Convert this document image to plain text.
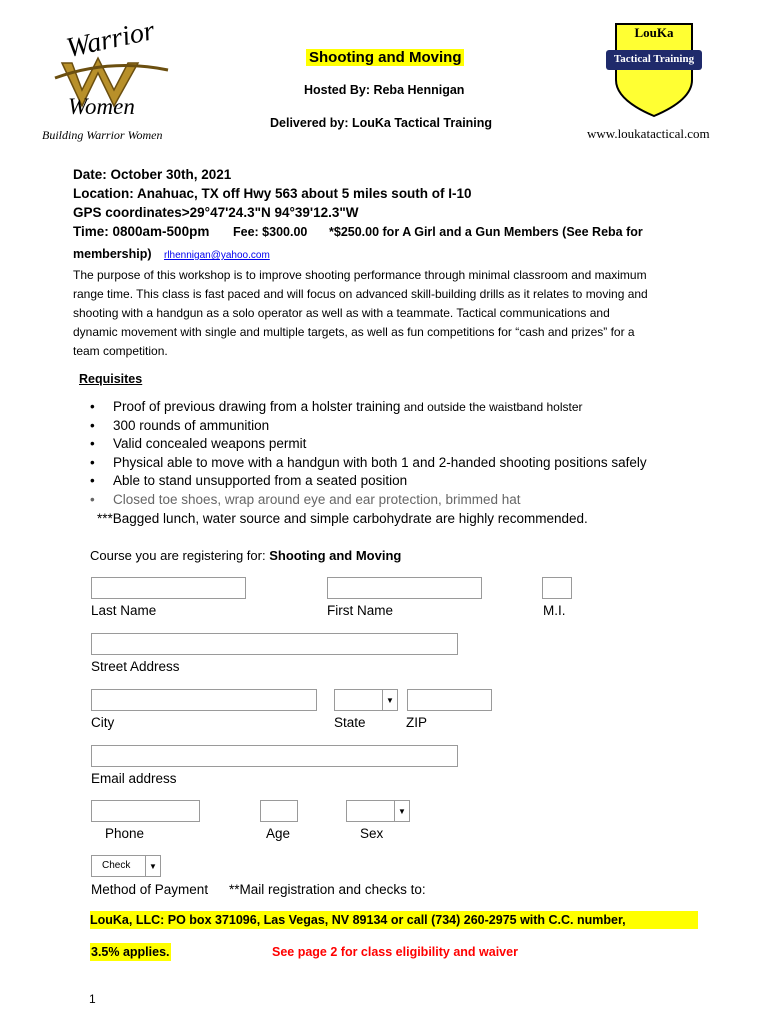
Warrior
Women
Building Warrior Women
LouKa
Tactical Training
www.loukatactical.com
Shooting and Moving
Hosted By: Reba Hennigan
Delivered by: LouKa Tactical Training
Date: October 30th, 2021
Location: Anahuac, TX off Hwy 563 about 5 miles south of I-10
GPS coordinates>29°47'24.3"N 94°39'12.3"W
Time: 0800am-500pm Fee: $300.00 *$250.00 for A Girl and a Gun Members (See Reba for
membership) rlhennigan@yahoo.com
The purpose of this workshop is to improve shooting performance through minimal classroom and maximum
range time. This class is fast paced and will focus on advanced skill-building drills as it relates to moving and
shooting with a handgun as a solo operator as well as with a teammate. Tactical communications and
dynamic movement with single and multiple targets, as well as fun competitions for “cash and prizes” for a
team competition.
Requisites
• Proof of previous drawing from a holster training and outside the waistband holster
• 300 rounds of ammunition
• Valid concealed weapons permit
• Physical able to move with a handgun with both 1 and 2-handed shooting positions safely
• Able to stand unsupported from a seated position
• Closed toe shoes, wrap around eye and ear protection, brimmed hat
***Bagged lunch, water source and simple carbohydrate are highly recommended.
Course you are registering for: Shooting and Moving
Last Name	First Name	M.I.
Street Address
▼
City	State	ZIP
Email address
▼
Phone	Age	Sex
Check	▼
Method of Payment **Mail registration and checks to:
LouKa, LLC: PO box 371096, Las Vegas, NV 89134 or call (734) 260-2975 with C.C. number,
3.5% applies.	See page 2 for class eligibility and waiver
1
